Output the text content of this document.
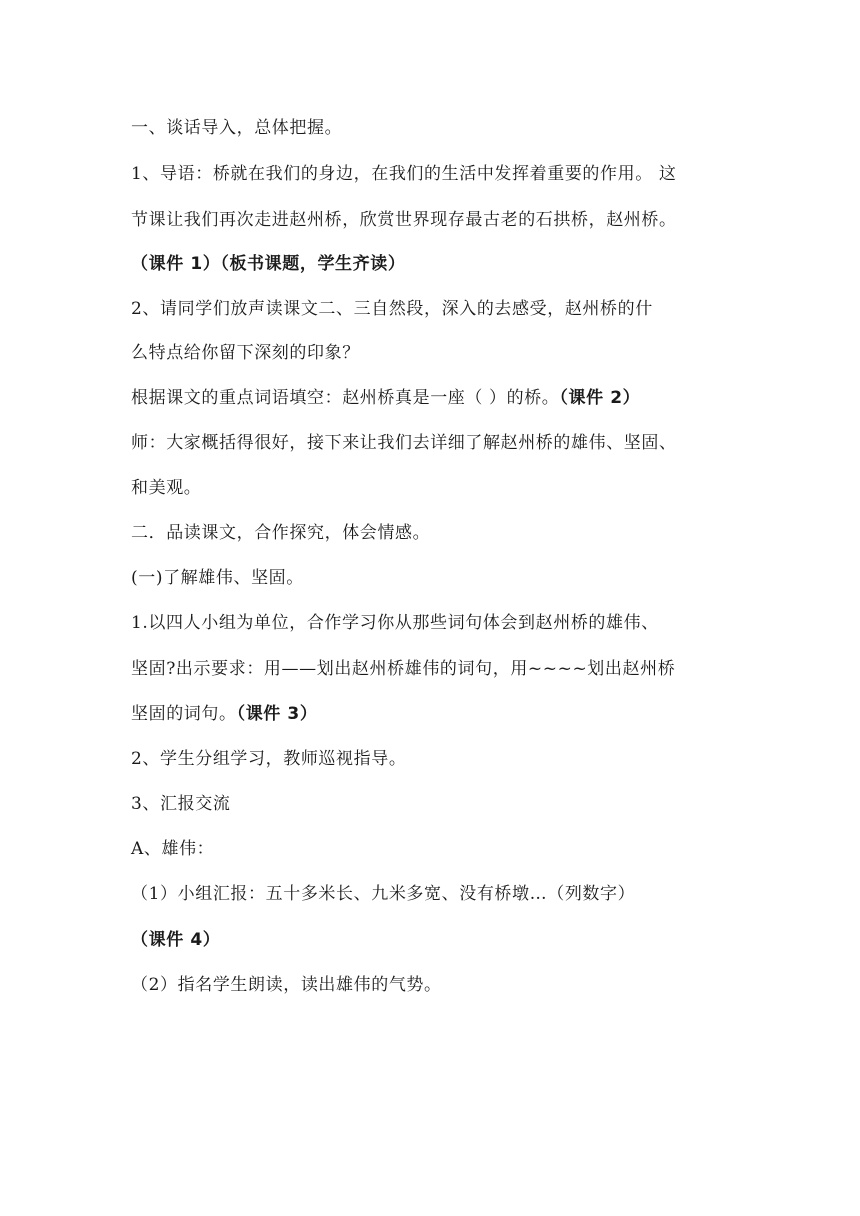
一、谈话导入，总体把握。
1、导语：桥就在我们的身边，在我们的生活中发挥着重要的作用。 这
节课让我们再次走进赵州桥，欣赏世界现存最古老的石拱桥，赵州桥。
（课件 1）（板书课题，学生齐读）
2、请同学们放声读课文二、三自然段，深入的去感受，赵州桥的什
么特点给你留下深刻的印象？
根据课文的重点词语填空：赵州桥真是一座（ ）的桥。（课件 2）
师：大家概括得很好，接下来让我们去详细了解赵州桥的雄伟、坚固、
和美观。
二．品读课文，合作探究，体会情感。
(一)了解雄伟、坚固。
1.以四人小组为单位，合作学习你从那些词句体会到赵州桥的雄伟、
坚固?出示要求：用——划出赵州桥雄伟的词句，用~~~~划出赵州桥
坚固的词句。（课件 3）
2、学生分组学习，教师巡视指导。
3、汇报交流
A、雄伟：
（1）小组汇报：五十多米长、九米多宽、没有桥墩…（列数字）
（课件 4）
（2）指名学生朗读，读出雄伟的气势。
